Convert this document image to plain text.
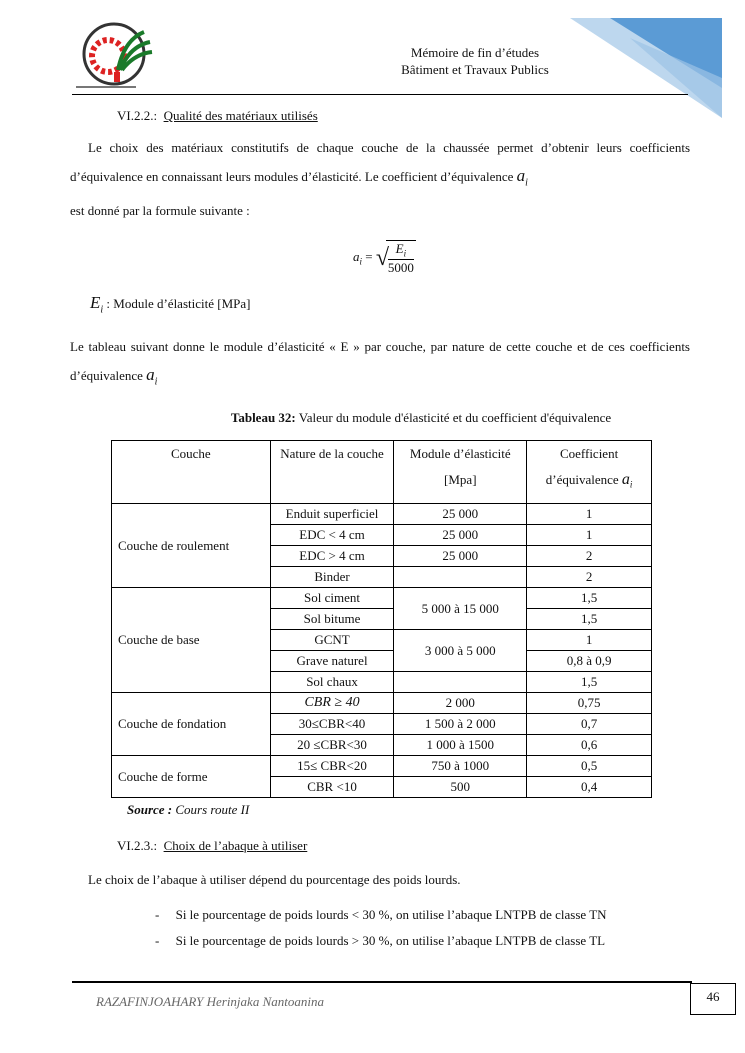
Mémoire de fin d’études
Bâtiment et Travaux Publics
VI.2.2.: Qualité des matériaux utilisés
Le choix des matériaux constitutifs de chaque couche de la chaussée permet d’obtenir leurs coefficients d’équivalence en connaissant leurs modules d’élasticité. Le coefficient d’équivalence $a_i$
est donné par la formule suivante :
$a_i$ = √
$\frac{E_i}{5000}$
$E_i$ : Module d’élasticité [MPa]
Le tableau suivant donne le module d’élasticité « E » par couche, par nature de cette couche et de ces coefficients d’équivalence $a_i$
Tableau 32: Valeur du module d'élasticité et du coefficient d'équivalence
Couche	Nature de la couche	Module d’élasticité [Mpa]	Coefficient d’équivalence $a_i$
Couche de roulement	Enduit superficiel	25 000	1
	EDC < 4 cm	25 000	1
	EDC > 4 cm	25 000	2
	Binder		2
Couche de base	Sol ciment	5 000 à 15 000	1,5
	Sol bitume		1,5
	GCNT	3 000 à 5 000	1
	Grave naturel		0,8 à 0,9
	Sol chaux		1,5
Couche de fondation	CBR ≥ 40	2 000	0,75
	30≤CBR<40	1 500 à 2 000	0,7
	20 ≤CBR<30	1 000 à 1500	0,6
Couche de forme	15≤ CBR<20	750 à 1000	0,5
	CBR <10	500	0,4
Source : Cours route II
VI.2.3.: Choix de l’abaque à utiliser
Le choix de l’abaque à utiliser dépend du pourcentage des poids lourds.
-     Si le pourcentage de poids lourds < 30 %, on utilise l’abaque LNTPB de classe TN
-     Si le pourcentage de poids lourds > 30 %, on utilise l’abaque LNTPB de classe TL
RAZAFINJOAHARY Herinjaka Nantoanina	46
